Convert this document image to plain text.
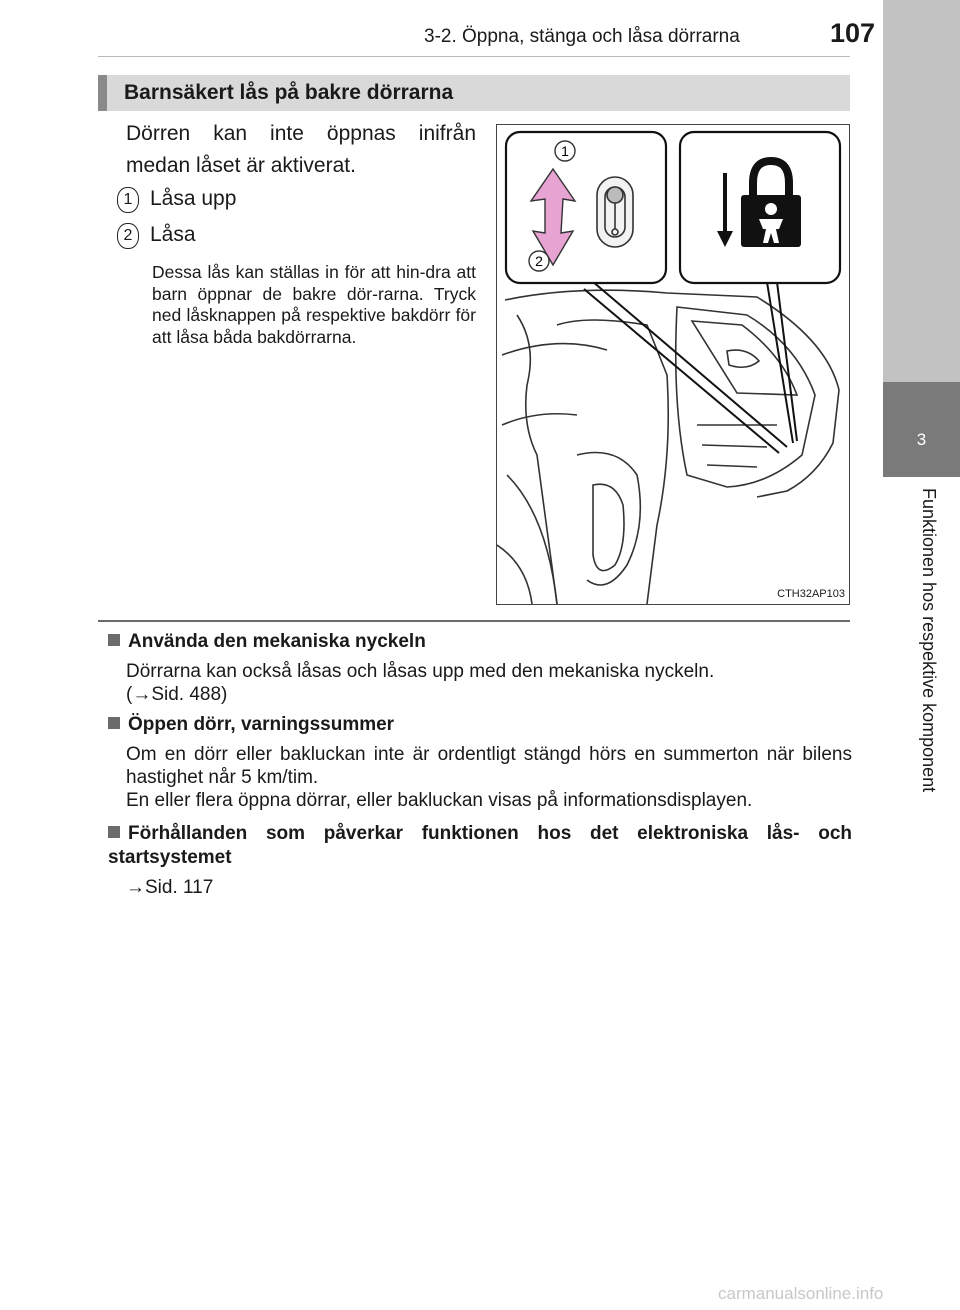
3-2. Öppna, stänga och låsa dörrarna	107
Barnsäkert lås på bakre dörrarna
Dörren kan inte öppnas inifrån medan låset är aktiverat.
1 Låsa upp
2 Låsa
Dessa lås kan ställas in för att hin-dra att barn öppnar de bakre dör-rarna. Tryck ned låsknappen på respektive bakdörr för att låsa båda bakdörrarna.
1
2
CTH32AP103
Använda den mekaniska nyckeln
Dörrarna kan också låsas och låsas upp med den mekaniska nyckeln.
(→Sid. 488)
Öppen dörr, varningssummer
Om en dörr eller bakluckan inte är ordentligt stängd hörs en summerton när bilens hastighet når 5 km/tim.
En eller flera öppna dörrar, eller bakluckan visas på informationsdisplayen.
Förhållanden som påverkar funktionen hos det elektroniska lås- och startsystemet
→Sid. 117
3
Funktionen hos respektive komponent
carmanualsonline.info
